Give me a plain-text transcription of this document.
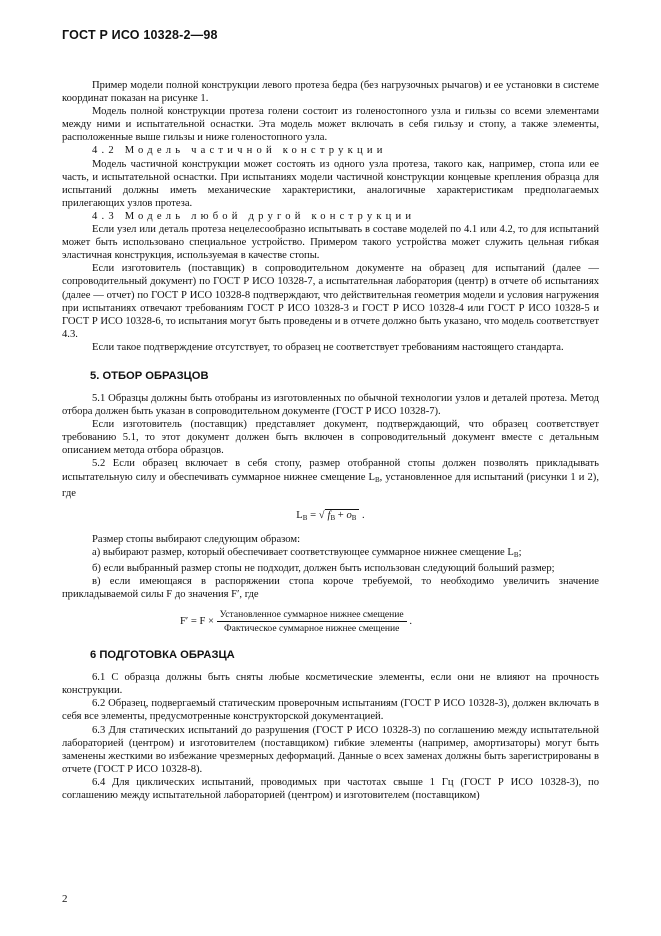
ГОСТ Р ИСО 10328-2—98

Пример модели полной конструкции левого протеза бедра (без нагрузочных рычагов) и ее установки в системе координат показан на рисунке 1.

Модель полной конструкции протеза голени состоит из голеностопного узла и гильзы со всеми элементами между ними и испытательной оснастки. Эта модель может включать в себя гильзу и стопу, а также элементы, расположенные выше гильзы и ниже голеностопного узла.

4.2 Модель частичной конструкции

Модель частичной конструкции может состоять из одного узла протеза, такого как, например, стопа или ее часть, и испытательной оснастки. При испытаниях модели частичной конструкции концевые крепления образца для испытаний должны иметь механические характеристики, аналогичные характеристикам предполагаемых прилегающих узлов протеза.

4.3 Модель любой другой конструкции

Если узел или деталь протеза нецелесообразно испытывать в составе моделей по 4.1 или 4.2, то для испытаний может быть использовано специальное устройство. Примером такого устройства может служить цельная гибкая эластичная конструкция, используемая в качестве стопы.

Если изготовитель (поставщик) в сопроводительном документе на образец для испытаний (далее — сопроводительный документ) по ГОСТ Р ИСО 10328-7, а испытательная лаборатория (центр) в отчете об испытаниях (далее — отчет) по ГОСТ Р ИСО 10328-8 подтверждают, что действительная геометрия модели и условия нагружения при испытаниях отвечают требованиям ГОСТ Р ИСО 10328-3 и ГОСТ Р ИСО 10328-4 или ГОСТ Р ИСО 10328-5 и ГОСТ Р ИСО 10328-6, то испытания могут быть проведены и в отчете должно быть указано, что модель соответствует 4.3.

Если такое подтверждение отсутствует, то образец не соответствует требованиям настоящего стандарта.

5. ОТБОР ОБРАЗЦОВ

5.1 Образцы должны быть отобраны из изготовленных по обычной технологии узлов и деталей протеза. Метод отбора должен быть указан в сопроводительном документе (ГОСТ Р ИСО 10328-7).

Если изготовитель (поставщик) представляет документ, подтверждающий, что образец соответствует требованию 5.1, то этот документ должен быть включен в сопроводительный документ вместе с детальным описанием метода отбора образцов.

5.2 Если образец включает в себя стопу, размер отобранной стопы должен позволять прикладывать испытательную силу и обеспечивать суммарное нижнее смещение $L_B$, установленное для испытаний (рисунки 1 и 2), где

$L_B$ = √ $f_B + o_B$ .

Размер стопы выбирают следующим образом:

а) выбирают размер, который обеспечивает соответствующее суммарное нижнее смещение $L_B$;

б) если выбранный размер стопы не подходит, должен быть использован следующий больший размер;

в) если имеющаяся в распоряжении стопа короче требуемой, то необходимо увеличить значение прикладываемой силы F до значения F′, где

F′ = F ×
$\frac{\text{Установленное суммарное нижнее смещение}}{\text{Фактическое суммарное нижнее смещение}}$
.
6 ПОДГОТОВКА ОБРАЗЦА

6.1 С образца должны быть сняты любые косметические элементы, если они не влияют на прочность конструкции.

6.2 Образец, подвергаемый статическим проверочным испытаниям (ГОСТ Р ИСО 10328-3), должен включать в себя все элементы, предусмотренные конструкторской документацией.

6.3 Для статических испытаний до разрушения (ГОСТ Р ИСО 10328-3) по соглашению между испытательной лабораторией (центром) и изготовителем (поставщиком) гибкие элементы (например, амортизаторы) могут быть заменены жесткими во избежание чрезмерных деформаций. Данные о всех заменах должны быть зарегистрированы в отчете (ГОСТ Р ИСО 10328-8).

6.4 Для циклических испытаний, проводимых при частотах свыше 1 Гц (ГОСТ Р ИСО 10328-3), по соглашению между испытательной лабораторией (центром) и изготовителем (поставщиком)

2
